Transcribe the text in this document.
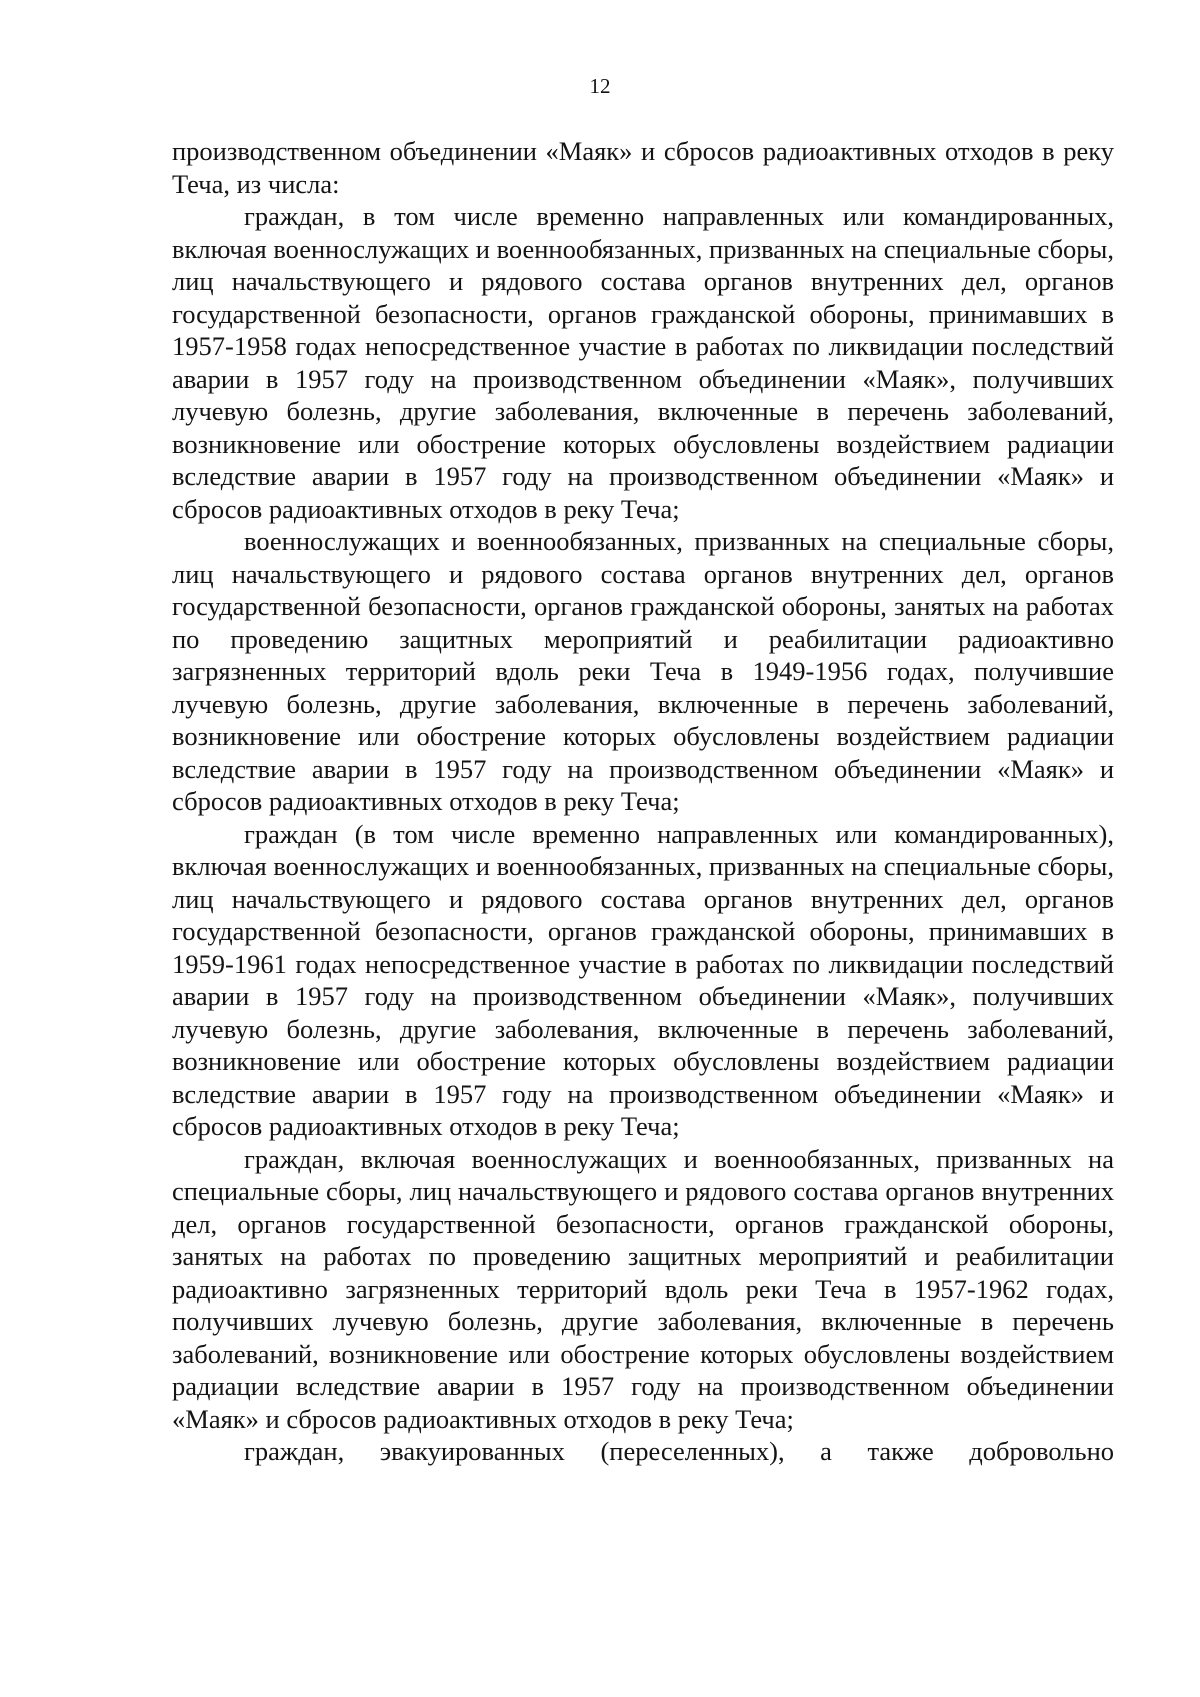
12

производственном объединении «Маяк» и сбросов радиоактивных отходов в реку Теча, из числа:

граждан, в том числе временно направленных или командированных, включая военнослужащих и военнообязанных, призванных на специальные сборы, лиц начальствующего и рядового состава органов внутренних дел, органов государственной безопасности, органов гражданской обороны, принимавших в 1957-1958 годах непосредственное участие в работах по ликвидации последствий аварии в 1957 году на производственном объединении «Маяк», получивших лучевую болезнь, другие заболевания, включенные в перечень заболеваний, возникновение или обострение которых обусловлены воздействием радиации вследствие аварии в 1957 году на производственном объединении «Маяк» и сбросов радиоактивных отходов в реку Теча;

военнослужащих и военнообязанных, призванных на специальные сборы, лиц начальствующего и рядового состава органов внутренних дел, органов государственной безопасности, органов гражданской обороны, занятых на работах по проведению защитных мероприятий и реабилитации радиоактивно загрязненных территорий вдоль реки Теча в 1949-1956 годах, получившие лучевую болезнь, другие заболевания, включенные в перечень заболеваний, возникновение или обострение которых обусловлены воздействием радиации вследствие аварии в 1957 году на производственном объединении «Маяк» и сбросов радиоактивных отходов в реку Теча;

граждан (в том числе временно направленных или командированных), включая военнослужащих и военнообязанных, призванных на специальные сборы, лиц начальствующего и рядового состава органов внутренних дел, органов государственной безопасности, органов гражданской обороны, принимавших в 1959-1961 годах непосредственное участие в работах по ликвидации последствий аварии в 1957 году на производственном объединении «Маяк», получивших лучевую болезнь, другие заболевания, включенные в перечень заболеваний, возникновение или обострение которых обусловлены воздействием радиации вследствие аварии в 1957 году на производственном объединении «Маяк» и сбросов радиоактивных отходов в реку Теча;

граждан, включая военнослужащих и военнообязанных, призванных на специальные сборы, лиц начальствующего и рядового состава органов внутренних дел, органов государственной безопасности, органов гражданской обороны, занятых на работах по проведению защитных мероприятий и реабилитации радиоактивно загрязненных территорий вдоль реки Теча в 1957-1962 годах, получивших лучевую болезнь, другие заболевания, включенные в перечень заболеваний, возникновение или обострение которых обусловлены воздействием радиации вследствие аварии в 1957 году на производственном объединении «Маяк» и сбросов радиоактивных отходов в реку Теча;

граждан, эвакуированных (переселенных), а также добровольно
